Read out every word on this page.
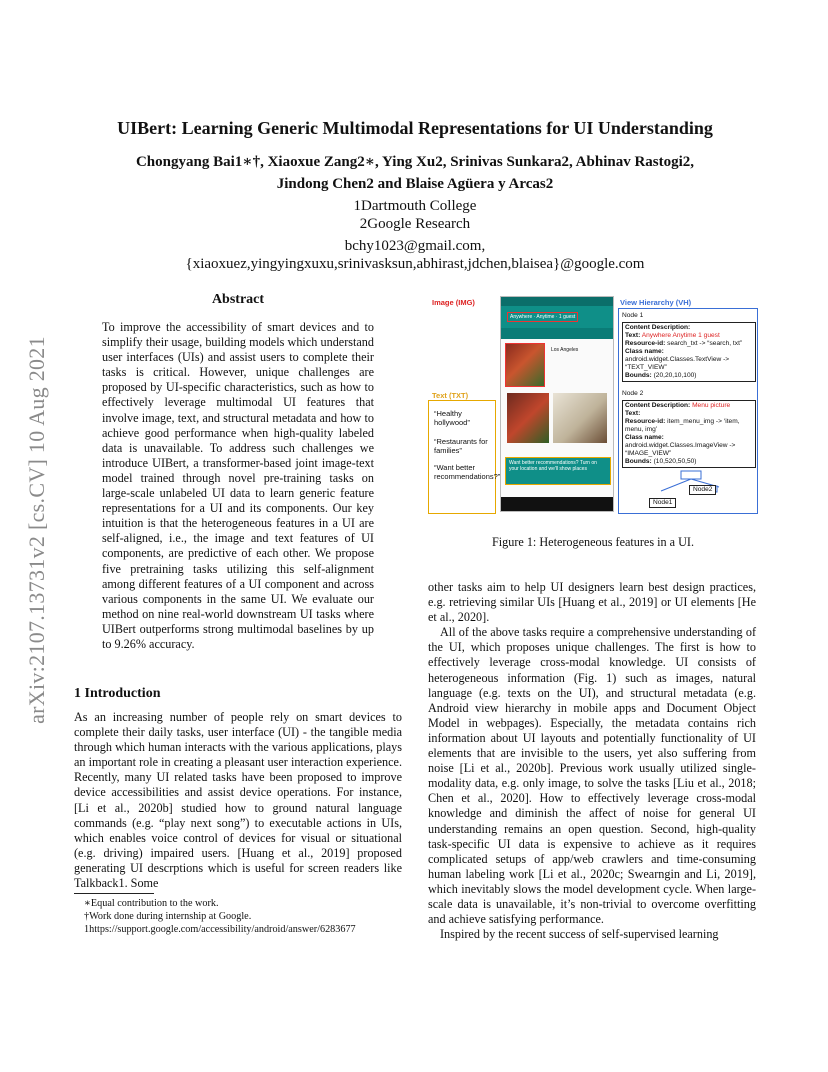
arXiv:2107.13731v2 [cs.CV] 10 Aug 2021
UIBert: Learning Generic Multimodal Representations for UI Understanding
Chongyang Bai1∗†, Xiaoxue Zang2∗, Ying Xu2, Srinivas Sunkara2, Abhinav Rastogi2,
Jindong Chen2 and Blaise Agüera y Arcas2
1Dartmouth College
2Google Research
bchy1023@gmail.com,
{xiaoxuez,yingyingxuxu,srinivasksun,abhirast,jdchen,blaisea}@google.com
Abstract

To improve the accessibility of smart devices and to simplify their usage, building models which understand user interfaces (UIs) and assist users to complete their tasks is critical. However, unique challenges are proposed by UI-specific characteristics, such as how to effectively leverage multimodal UI features that involve image, text, and structural metadata and how to achieve good performance when high-quality labeled data is unavailable. To address such challenges we introduce UIBert, a transformer-based joint image-text model trained through novel pre-training tasks on large-scale unlabeled UI data to learn generic feature representations for a UI and its components. Our key intuition is that the heterogeneous features in a UI are self-aligned, i.e., the image and text features of UI components, are predictive of each other. We propose five pretraining tasks utilizing this self-alignment among different features of a UI component and across various components in the same UI. We evaluate our method on nine real-world downstream UI tasks where UIBert outperforms strong multimodal baselines by up to 9.26% accuracy.

1 Introduction

As an increasing number of people rely on smart devices to complete their daily tasks, user interface (UI) - the tangible media through which human interacts with the various applications, plays an important role in creating a pleasant user interaction experience. Recently, many UI related tasks have been proposed to improve device accessibilities and assist device operations. For instance, [Li et al., 2020b] studied how to ground natural language commands (e.g. “play next song”) to executable actions in UIs, which enables voice control of devices for visual or situational (e.g. driving) impaired users. [Huang et al., 2019] proposed generating UI descrptions which is useful for screen readers like Talkback1. Some

∗Equal contribution to the work.
†Work done during internship at Google.
1https://support.google.com/accessibility/android/answer/6283677
Image (IMG)	View Hierarchy (VH)
Anywhere · Anytime · 1 guest
Los Angeles
Want better recommendations? Turn on your location and we'll show places
Text (TXT)
“Healthy hollywood”
“Restaurants for families”
“Want better recommendations?”
Node 1
Content Description:
Text: Anywhere Anytime 1 guest
Resource-id: search_txt -> “search, txt”
Class name:
android.widget.Classes.TextView -> “TEXT_VIEW”
Bounds: (20,20,10,100)
Node 2
Content Description: Menu picture
Text:
Resource-id: item_menu_img -> ‘item, menu, img’
Class name:
android.widget.Classes.ImageView -> “IMAGE_VIEW”
Bounds: (10,520,50,50)
Node2
Node1
Figure 1: Heterogeneous features in a UI.

other tasks aim to help UI designers learn best design practices, e.g. retrieving similar UIs [Huang et al., 2019] or UI elements [He et al., 2020].

All of the above tasks require a comprehensive understanding of the UI, which proposes unique challenges. The first is how to effectively leverage cross-modal knowledge. UI consists of heterogeneous information (Fig. 1) such as images, natural language (e.g. texts on the UI), and structural metadata (e.g. Android view hierarchy in mobile apps and Document Object Model in webpages). Especially, the metadata contains rich information about UI layouts and potentially functionality of UI elements that are invisible to the users, yet also suffering from noise [Li et al., 2020b]. Previous work usually utilized single-modality data, e.g. only image, to solve the tasks [Liu et al., 2018; Chen et al., 2020]. How to effectively leverage cross-modal knowledge and diminish the affect of noise for general UI understanding remains an open question. Second, high-quality task-specific UI data is expensive to achieve as it requires complicated setups of app/web crawlers and time-consuming human labeling work [Li et al., 2020c; Swearngin and Li, 2019], which inevitably slows the model development cycle. When large-scale data is unavailable, it’s non-trivial to overcome overfitting and achieve satisfying performance.

Inspired by the recent success of self-supervised learning
